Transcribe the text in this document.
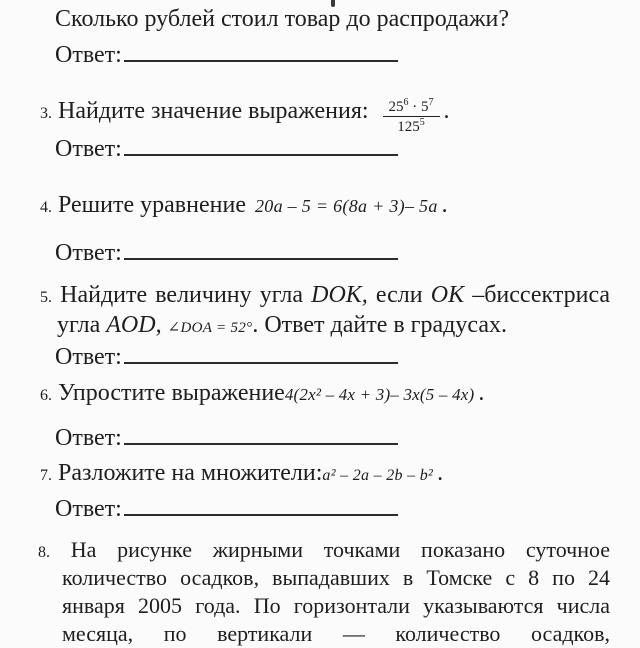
Сколько рублей стоил товар до распродажи?
Ответ:
3. Найдите значение выражения: $\frac{25^6 \cdot 5^7}{125^5}$ .
Ответ:
4. Решите уравнение 20a – 5 = 6(8a + 3)– 5a .
Ответ:
5. Найдите величину угла DOK, если OK –биссектриса
угла AOD, ∠DOA = 52°. Ответ дайте в градусах.
Ответ:
6. Упростите выражение 4(2x² – 4x + 3)– 3x(5 – 4x) .
Ответ:
7. Разложите на множители: a² – 2a – 2b – b² .
Ответ:
8. На рисунке жирными точками показано суточное
количество осадков, выпадавших в Томске с 8 по 24
января 2005 года. По горизонтали указываются числа
месяца, по вертикали — количество осадков,
